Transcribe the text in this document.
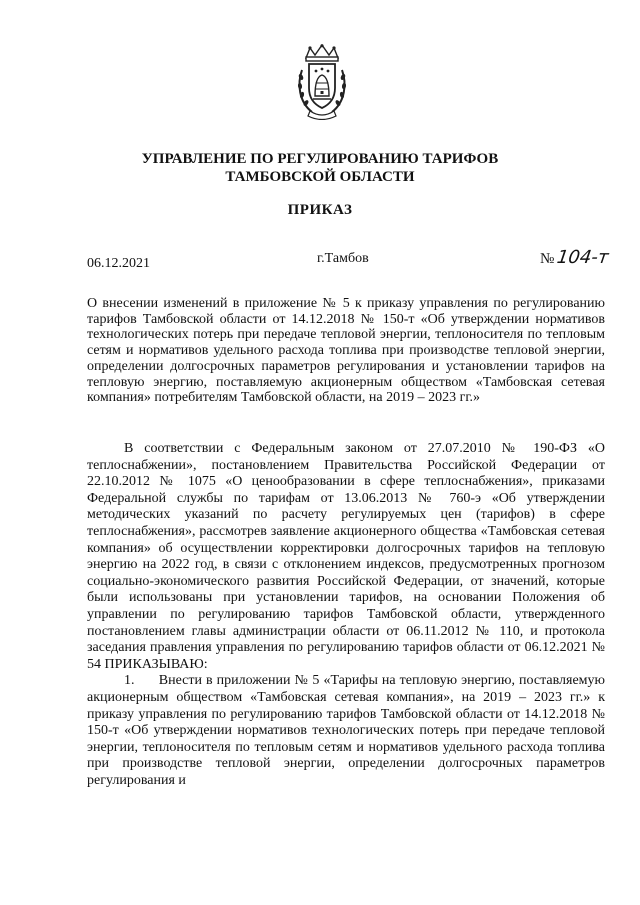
УПРАВЛЕНИЕ ПО РЕГУЛИРОВАНИЮ ТАРИФОВ
ТАМБОВСКОЙ ОБЛАСТИ
ПРИКАЗ
06.12.2021	г.Тамбов	№ 104-т
О внесении изменений в приложение № 5 к приказу управления по регулированию тарифов Тамбовской области от 14.12.2018 № 150-т «Об утверждении нормативов технологических потерь при передаче тепловой энергии, теплоносителя по тепловым сетям и нормативов удельного расхода топлива при производстве тепловой энергии, определении долгосрочных параметров регулирования и установлении тарифов на тепловую энергию, поставляемую акционерным обществом «Тамбовская сетевая компания» потребителям Тамбовской области, на 2019 – 2023 гг.»

В соответствии с Федеральным законом от 27.07.2010 № 190-ФЗ «О теплоснабжении», постановлением Правительства Российской Федерации от 22.10.2012 № 1075 «О ценообразовании в сфере теплоснабжения», приказами Федеральной службы по тарифам от 13.06.2013 № 760-э «Об утверждении методических указаний по расчету регулируемых цен (тарифов) в сфере теплоснабжения», рассмотрев заявление акционерного общества «Тамбовская сетевая компания» об осуществлении корректировки долгосрочных тарифов на тепловую энергию на 2022 год, в связи с отклонением индексов, предусмотренных прогнозом социально-экономического развития Российской Федерации, от значений, которые были использованы при установлении тарифов, на основании Положения об управлении по регулированию тарифов Тамбовской области, утвержденного постановлением главы администрации области от 06.11.2012 № 110, и протокола заседания правления управления по регулированию тарифов области от 06.12.2021 № 54 ПРИКАЗЫВАЮ:

1.      Внести в приложении № 5 «Тарифы на тепловую энергию, поставляемую акционерным обществом «Тамбовская сетевая компания», на 2019 – 2023 гг.» к приказу управления по регулированию тарифов Тамбовской области от 14.12.2018 № 150-т «Об утверждении нормативов технологических потерь при передаче тепловой энергии, теплоносителя по тепловым сетям и нормативов удельного расхода топлива при производстве тепловой энергии, определении долгосрочных параметров регулирования и
